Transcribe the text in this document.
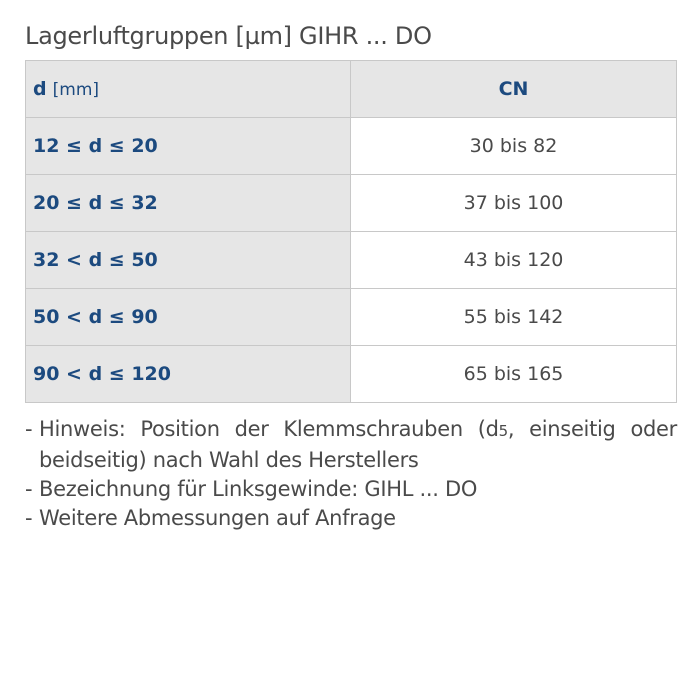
Lagerluftgruppen [µm] GIHR ... DO
d [mm]	CN
12 ≤ d ≤ 20	30 bis 82
20 ≤ d ≤ 32	37 bis 100
32 < d ≤ 50	43 bis 120
50 < d ≤ 90	55 bis 142
90 < d ≤ 120	65 bis 165
- Hinweis: Position der Klemmschrauben (d5, einseitig oder beidseitig) nach Wahl des Herstellers
- Bezeichnung für Linksgewinde: GIHL ... DO
- Weitere Abmessungen auf Anfrage
